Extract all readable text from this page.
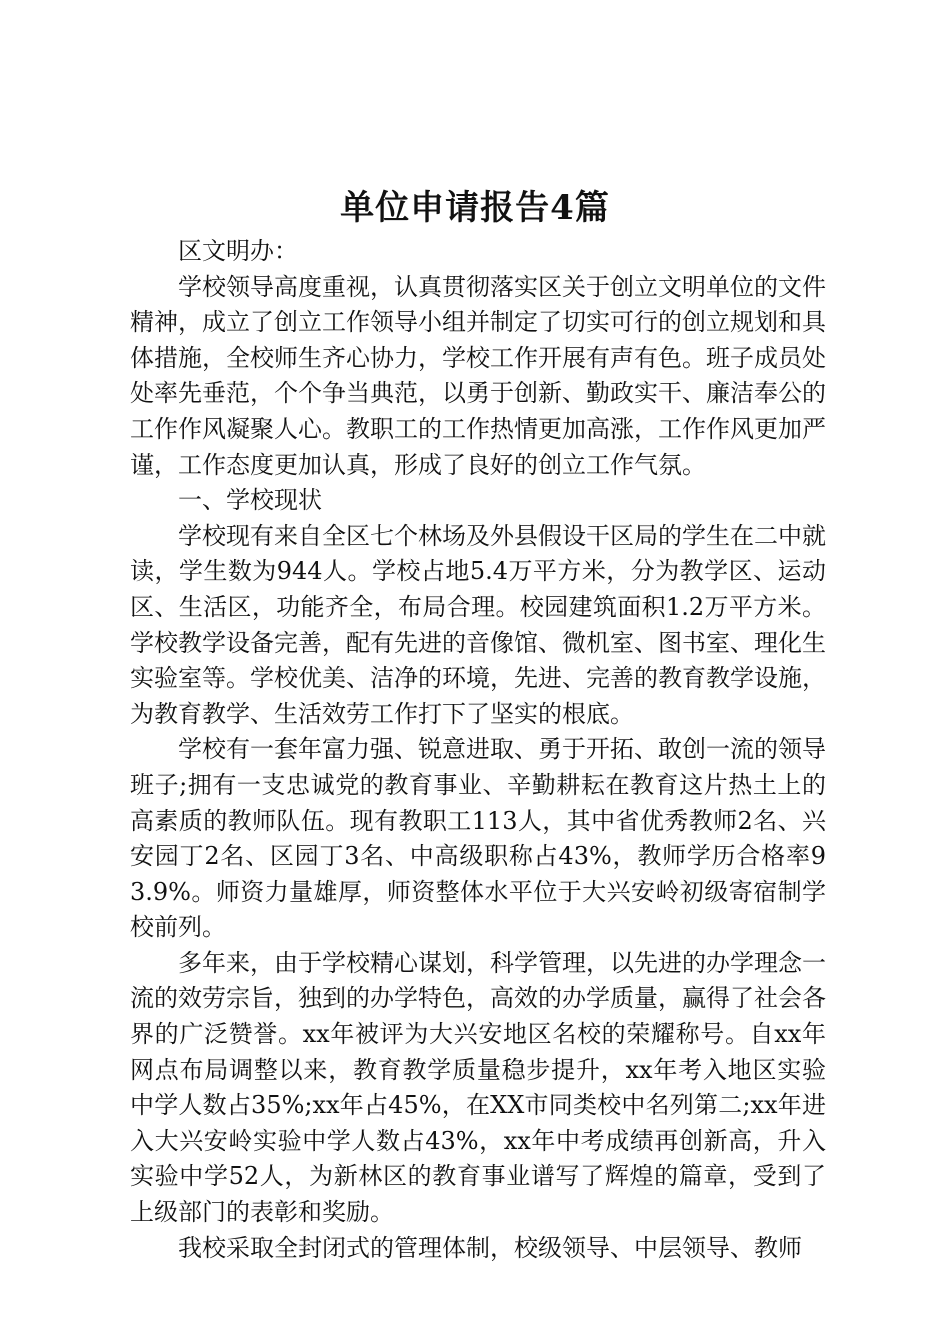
单位申请报告4篇

区文明办：

学校领导高度重视，认真贯彻落实区关于创立文明单位的文件精神，成立了创立工作领导小组并制定了切实可行的创立规划和具体措施，全校师生齐心协力，学校工作开展有声有色。班子成员处处率先垂范，个个争当典范，以勇于创新、勤政实干、廉洁奉公的工作作风凝聚人心。教职工的工作热情更加高涨，工作作风更加严谨，工作态度更加认真，形成了良好的创立工作气氛。

一、学校现状

学校现有来自全区七个林场及外县假设干区局的学生在二中就读，学生数为944人。学校占地5.4万平方米，分为教学区、运动区、生活区，功能齐全，布局合理。校园建筑面积1.2万平方米。学校教学设备完善，配有先进的音像馆、微机室、图书室、理化生实验室等。学校优美、洁净的环境，先进、完善的教育教学设施，为教育教学、生活效劳工作打下了坚实的根底。

学校有一套年富力强、锐意进取、勇于开拓、敢创一流的领导班子;拥有一支忠诚党的教育事业、辛勤耕耘在教育这片热土上的高素质的教师队伍。现有教职工113人，其中省优秀教师2名、兴安园丁2名、区园丁3名、中高级职称占43%，教师学历合格率93.9%。师资力量雄厚，师资整体水平位于大兴安岭初级寄宿制学校前列。

多年来，由于学校精心谋划，科学管理，以先进的办学理念一流的效劳宗旨，独到的办学特色，高效的办学质量，赢得了社会各界的广泛赞誉。xx年被评为大兴安地区名校的荣耀称号。自xx年网点布局调整以来，教育教学质量稳步提升，xx年考入地区实验中学人数占35%;xx年占45%，在XX市同类校中名列第二;xx年进入大兴安岭实验中学人数占43%，xx年中考成绩再创新高，升入实验中学52人，为新林区的教育事业谱写了辉煌的篇章，受到了上级部门的表彰和奖励。

我校采取全封闭式的管理体制，校级领导、中层领导、教师
